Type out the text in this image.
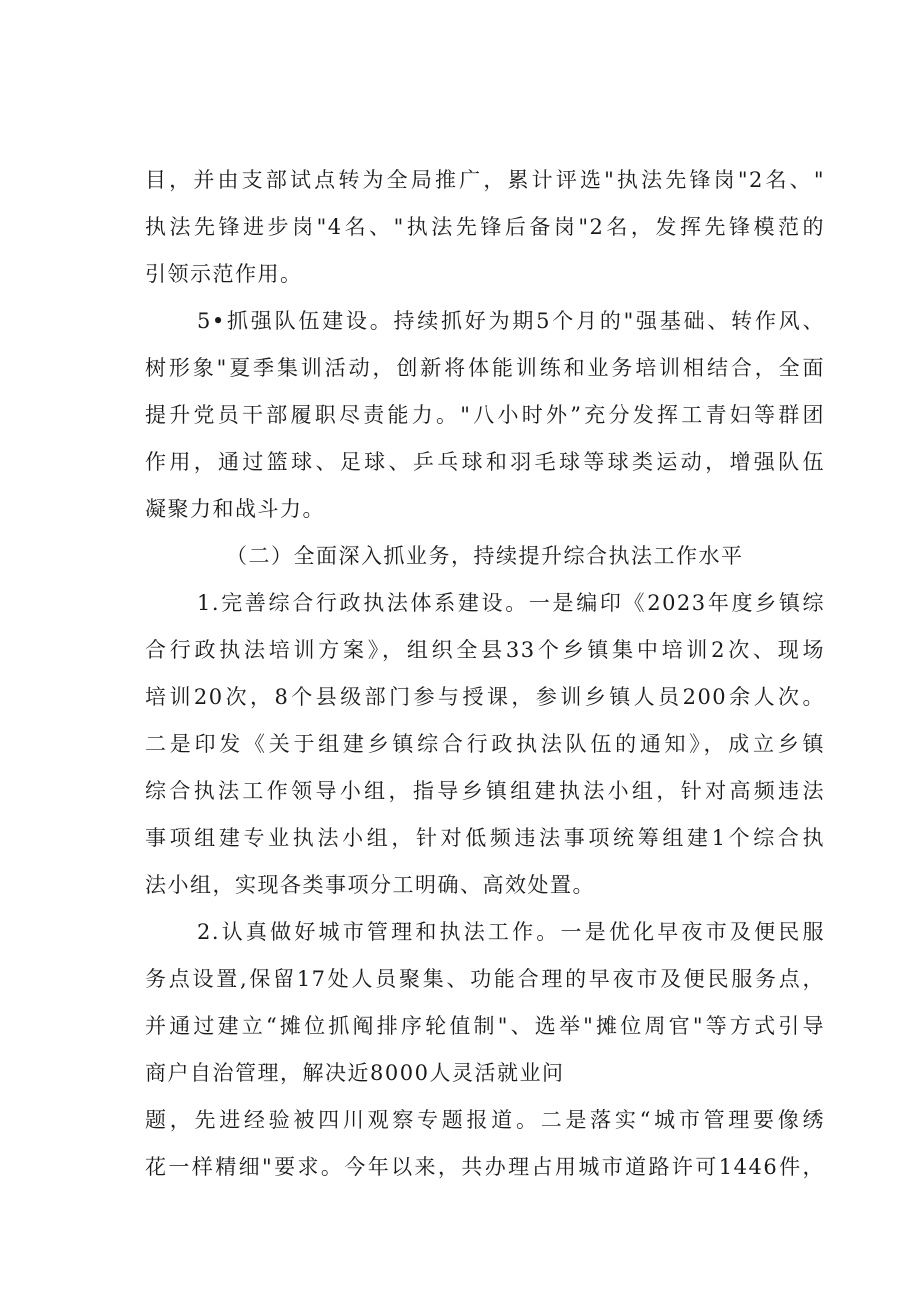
目，并由支部试点转为全局推广，累计评选"执法先锋岗"2名、"
执法先锋进步岗"4名、"执法先锋后备岗"2名，发挥先锋模范的
引领示范作用。
5•抓强队伍建设。持续抓好为期5个月的"强基础、转作风、
树形象"夏季集训活动，创新将体能训练和业务培训相结合，全面
提升党员干部履职尽责能力。"八小时外”充分发挥工青妇等群团
作用，通过篮球、足球、乒乓球和羽毛球等球类运动，增强队伍
凝聚力和战斗力。
（二）全面深入抓业务，持续提升综合执法工作水平
1.完善综合行政执法体系建设。一是编印《2023年度乡镇综
合行政执法培训方案》，组织全县33个乡镇集中培训2次、现场
培训20次，8个县级部门参与授课，参训乡镇人员200余人次。
二是印发《关于组建乡镇综合行政执法队伍的通知》，成立乡镇
综合执法工作领导小组，指导乡镇组建执法小组，针对高频违法
事项组建专业执法小组，针对低频违法事项统筹组建1个综合执
法小组，实现各类事项分工明确、高效处置。
2.认真做好城市管理和执法工作。一是优化早夜市及便民服
务点设置,保留17处人员聚集、功能合理的早夜市及便民服务点，
并通过建立“摊位抓阄排序轮值制"、选举"摊位周官"等方式引导
商户自治管理，解决近8000人灵活就业问
题，先进经验被四川观察专题报道。二是落实“城市管理要像绣
花一样精细"要求。今年以来，共办理占用城市道路许可1446件，
